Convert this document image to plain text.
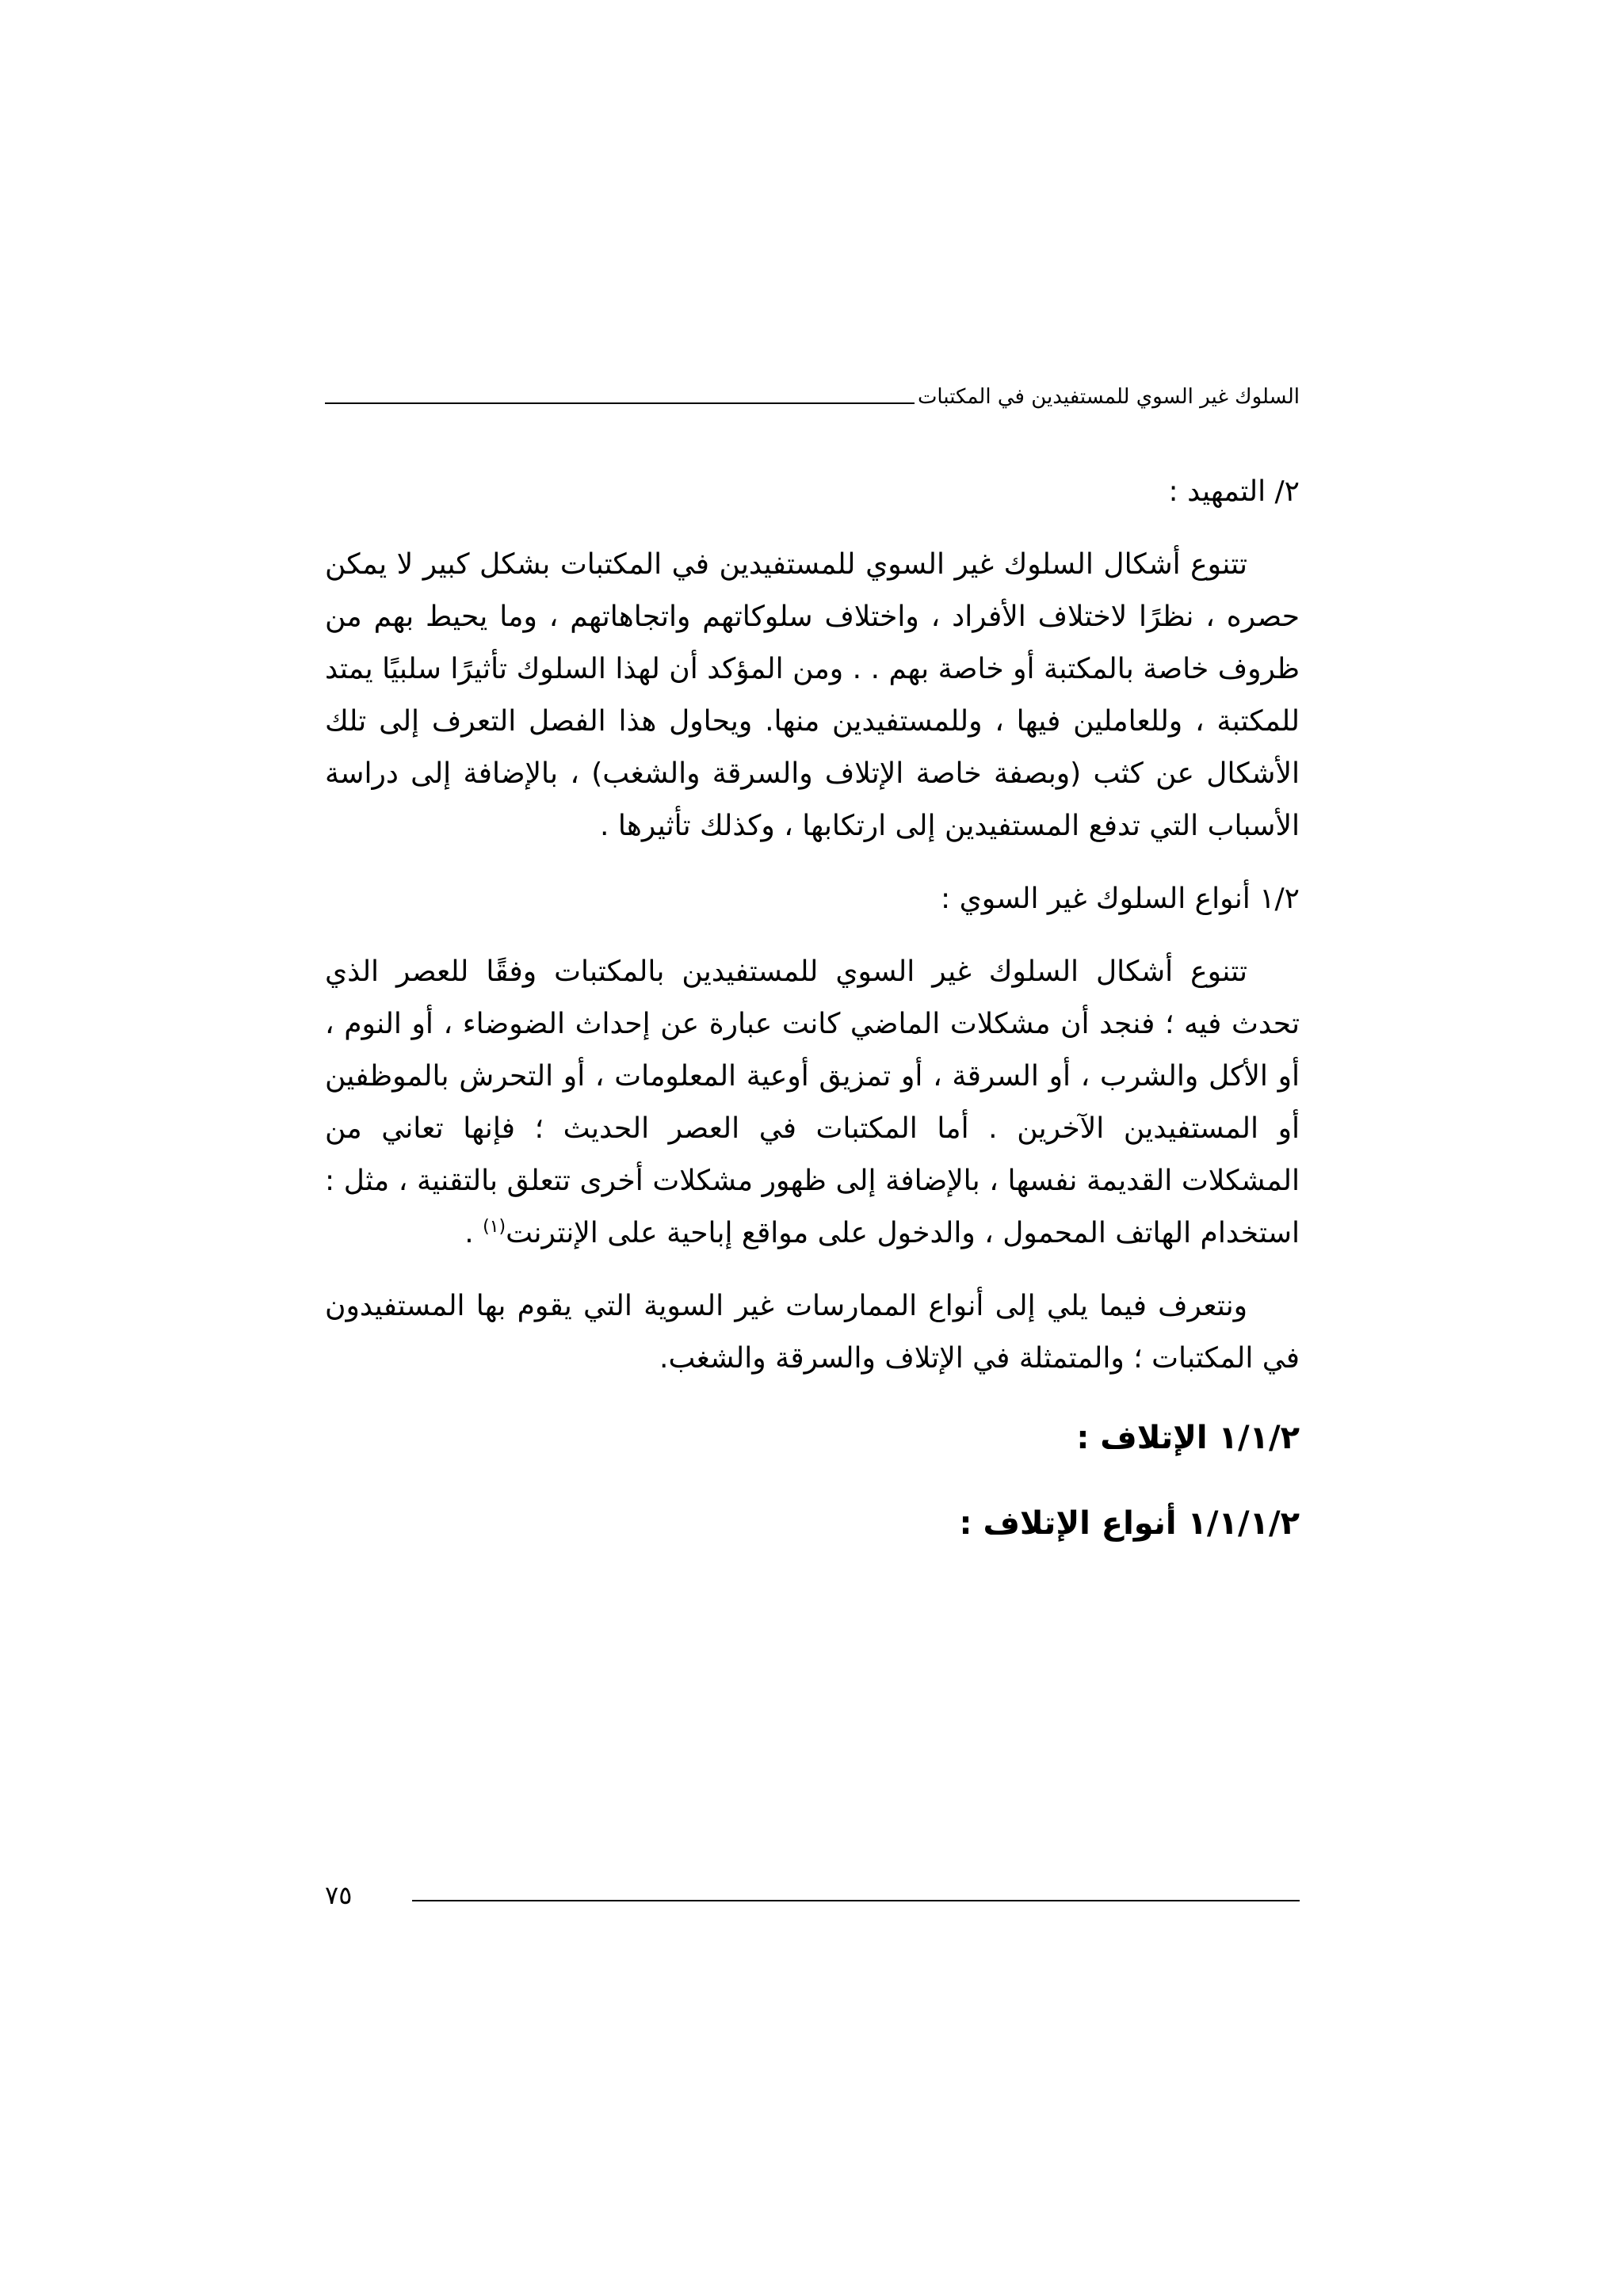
السلوك غير السوي للمستفيدين في المكتبات

٢/ التمهيد :

تتنوع أشكال السلوك غير السوي للمستفيدين في المكتبات بشكل كبير لا يمكن حصره ، نظرًا لاختلاف الأفراد ، واختلاف سلوكاتهم واتجاهاتهم ، وما يحيط بهم من ظروف خاصة بالمكتبة أو خاصة بهم . . ومن المؤكد أن لهذا السلوك تأثيرًا سلبيًا يمتد للمكتبة ، وللعاملين فيها ، وللمستفيدين منها. ويحاول هذا الفصل التعرف إلى تلك الأشكال عن كثب (وبصفة خاصة الإتلاف والسرقة والشغب) ، بالإضافة إلى دراسة الأسباب التي تدفع المستفيدين إلى ارتكابها ، وكذلك تأثيرها .

١/٢ أنواع السلوك غير السوي :

تتنوع أشكال السلوك غير السوي للمستفيدين بالمكتبات وفقًا للعصر الذي تحدث فيه ؛ فنجد أن مشكلات الماضي كانت عبارة عن إحداث الضوضاء ، أو النوم ، أو الأكل والشرب ، أو السرقة ، أو تمزيق أوعية المعلومات ، أو التحرش بالموظفين أو المستفيدين الآخرين . أما المكتبات في العصر الحديث ؛ فإنها تعاني من المشكلات القديمة نفسها ، بالإضافة إلى ظهور مشكلات أخرى تتعلق بالتقنية ، مثل : استخدام الهاتف المحمول ، والدخول على مواقع إباحية على الإنترنت$^{(١)}$ .

ونتعرف فيما يلي إلى أنواع الممارسات غير السوية التي يقوم بها المستفيدون في المكتبات ؛ والمتمثلة في الإتلاف والسرقة والشغب.

١/١/٢ الإتلاف :

١/١/١/٢ أنواع الإتلاف :

٧٥
